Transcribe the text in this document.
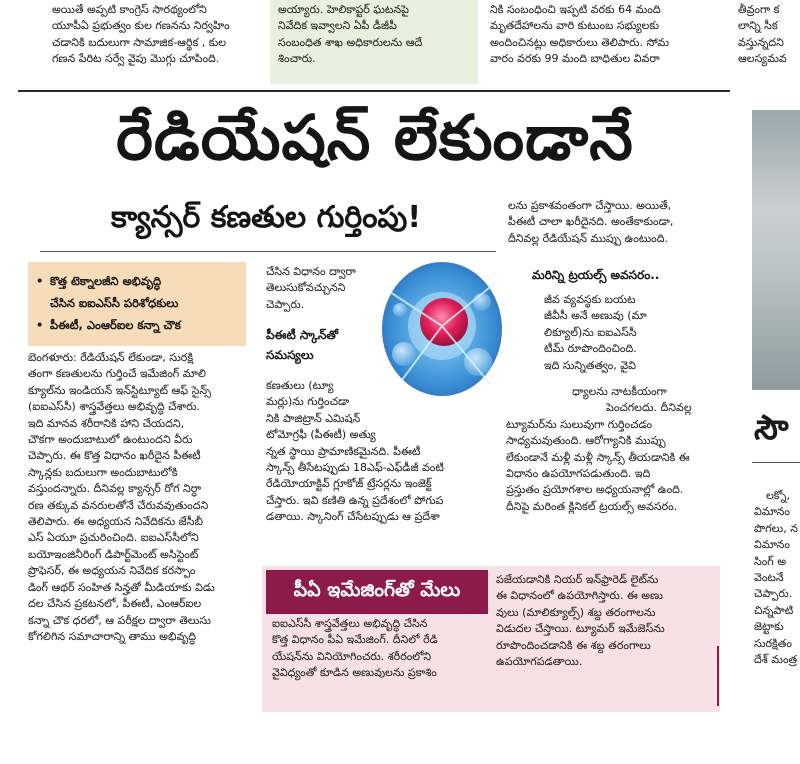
అయితే అప్పటి కాంగ్రెస్ సారథ్యంలోని
యూపీఏ ప్రభుత్వం కుల గణనను నిర్వహిం
చడానికి బదులుగా సామాజిక-ఆర్థిక , కుల
గణన పేరిట సర్వే వైపు మొగ్గు చూపింది.
అయ్యారు. హెలికాప్టర్ ఘటనపై
నివేదిక ఇవ్వాలని ఏపీ డీజీపీ
సంబంధిత శాఖ అధికారులను ఆదే
శించారు.
నికి సంబంధించి ఇప్పటి వరకు 64 మంది
మృతదేహాలను వారి కుటుంబ సభ్యులకు
అందించినట్లు అధికారులు తెలిపారు. సోమ
వారం వరకు 99 మంది బాధితుల వివరా
తీవ్రంగా క
లాన్ని సీక
వస్తున్నదని
ఆలస్యమవ
రేడియేషన్ లేకుండానే
క్యాన్సర్ కణతుల గుర్తింపు!	లను ప్రకాశవంతంగా చేస్తాయి. అయితే,
పీఈటీ చాలా ఖరీదైనది. అంతేకాకుండా,
దీనివల్ల రేడియేషన్ ముప్పు ఉంటుంది.
• కొత్త టెక్నాలజీని అభివృద్ధి
చేసిన ఐఐఎస్‌సీ పరిశోధకులు
• పీఈటీ, ఎంఆర్ఐల కన్నా చౌక
బెంగళూరు: రేడియేషన్ లేకుండా, సురక్షి
తంగా కణతులను గుర్తించే ఇమేజింగ్ మాలి
క్యూల్‌ను ఇండియన్ ఇన్‌స్టిట్యూట్ ఆఫ్ సైన్స్
(ఐఐఎస్‌సీ) శాస్త్రవేత్తలు అభివృద్ధి చేశారు.
ఇది మానవ శరీరానికి హాని చేయదని,
చౌకగా అందుబాటులో ఉంటుందని వీరు
చెప్పారు. ఈ కొత్త విధానం ఖరీదైన పీఈటీ
స్కాన్లకు బదులుగా అందుబాటులోకి
వస్తుందన్నారు. దీనివల్ల క్యాన్సర్ రోగ నిర్ధా
రణ తక్కువ వనరులతోనే చేరువవుతుందని
తెలిపారు. ఈ అధ్యయన నివేదికను జేసీబీ
ఎస్ ఏయూ ప్రచురించింది. ఐఐఎస్‌సీలోని
బయోఇంజినీరింగ్ డిపార్ట్‌మెంట్ అసిస్టెంట్
ప్రొఫెసర్, ఈ అధ్యయన నివేదిక కరస్పాం
డింగ్ ఆథర్ సంహిత సిన్హతో మీడియాకు విడు
దల చేసిన ప్రకటనలో, పీఈటీ, ఎంఆర్ఐల
కన్నా చౌక ధరలో, ఆ పరీక్షల ద్వారా తెలుసు
కోగలిగిన సమాచారాన్ని తాము అభివృద్ధి
చేసిన విధానం ద్వారా
తెలుసుకోవచ్చునని
చెప్పారు.
పీఈటీ స్కాన్‌తో
సమస్యలు
కణతులు (ట్యూ
మర్లు)ను గుర్తించడా
నికి పాజిట్రాన్ ఎమిషన్
టోమోగ్రఫీ (పీఈటీ) అత్యు
న్నత స్థాయి ప్రామాణికమైనది. పీఈటీ
స్కాన్స్ తీసేటప్పుడు 18ఎఫ్-ఎఫ్‌డీజీ వంటి
రేడియోయాక్టివ్ గ్లూకోజ్ ట్రేసర్లను ఇంజెక్ట్
చేస్తారు. ఇవి కణితి ఉన్న ప్రదేశంలో పోగుప
డతాయి. స్కానింగ్ చేసేటప్పుడు ఆ ప్రదేశా
మరిన్ని ట్రయల్స్ అవసరం..
జీవ వ్యవస్థకు బయట
జీవీసీ అనే అణువు (మా
లిక్యూల్)ను ఐఐఎస్‌సీ
టీమ్ రూపొందించింది.
ఇది సున్నితత్వం, వైవి
ధ్యాలను నాటకీయంగా
పెంచగలదు. దీనివల్ల
ట్యూమర్‌ను సులువుగా గుర్తించడం
సాధ్యమవుతుంది. ఆరోగ్యానికి ముప్పు
లేకుండానే మళ్లీ మళ్లీ స్కాన్స్ తీయడానికి ఈ
విధానం ఉపయోగపడుతుంది. ఇది
ప్రస్తుతం ప్రయోగశాల అధ్యయనాల్లో ఉంది.
దీనిపై మరింత క్లినికల్ ట్రయల్స్ అవసరం.
పీఏ ఇమేజింగ్‌తో మేలు
ఐఐఎస్‌సీ శాస్త్రవేత్తలు అభివృద్ధి చేసిన
కొత్త విధానం పీఏ ఇమేజింగ్. దీనిలో రేడి
యేషన్‌ను వినియోగించరు. శరీరంలోని
వైవిధ్యంతో కూడిన అణువులను ప్రకాశిం
పజేయడానికి నియర్ ఇన్‌ఫ్రారెడ్ లైట్‌ను
ఈ విధానంలో ఉపయోగిస్తారు. ఈ అణు
వులు (మాలిక్యూల్స్) శబ్ద తరంగాలను
విడుదల చేస్తాయి. ట్యూమర్ ఇమేజెస్‌ను
రూపొందించడానికి ఈ శబ్ద తరంగాలు
ఉపయోగపడతాయి.
సౌ
లక్నో,
విమానం
పొగలు, న
విమానం
సింగ్ అ
వెంటనే
చెప్పారు.
చిన్నపాటి
జెట్టాకు
సురక్షితం
దేశ్ మంత్ర
